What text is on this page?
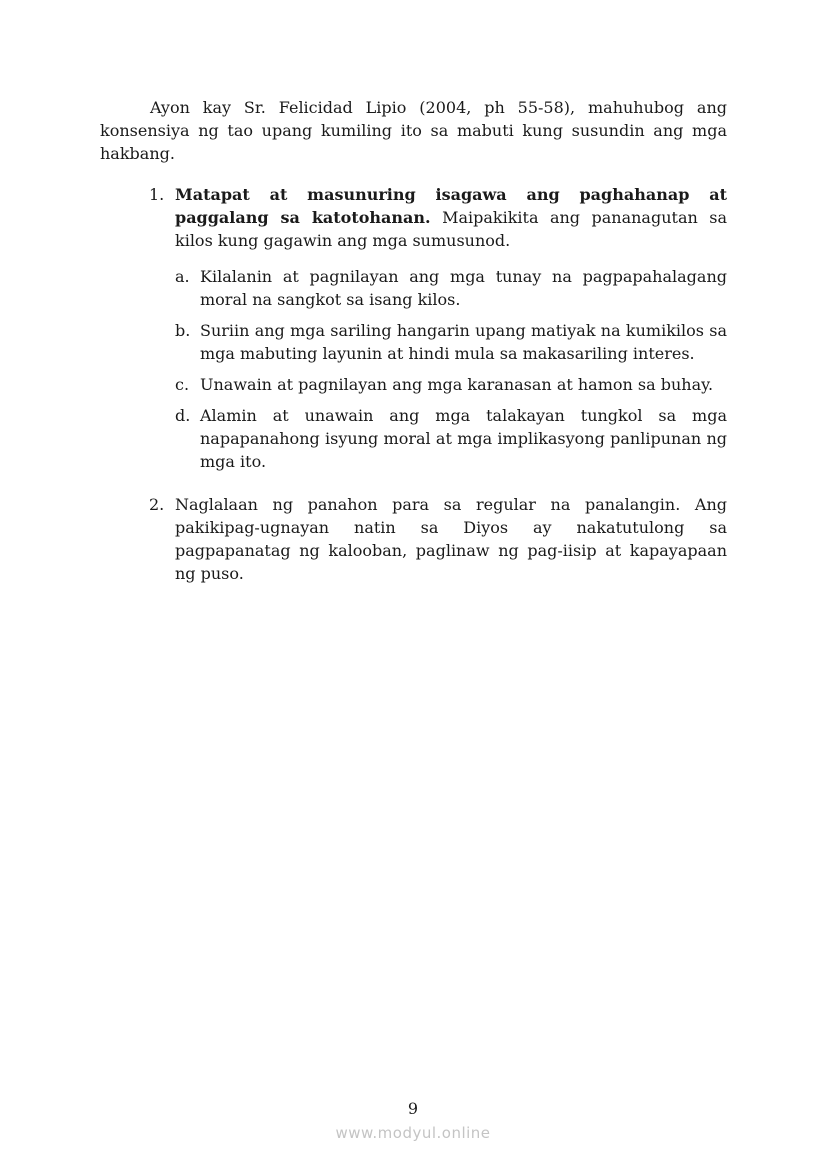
Ayon kay Sr. Felicidad Lipio (2004, ph 55-58), mahuhubog ang konsensiya ng tao upang kumiling ito sa mabuti kung susundin ang mga hakbang.

1. Matapat at masunuring isagawa ang paghahanap at paggalang sa katotohanan. Maipakikita ang pananagutan sa kilos kung gagawin ang mga sumusunod.
a. Kilalanin at pagnilayan ang mga tunay na pagpapahalagang moral na sangkot sa isang kilos.
b. Suriin ang mga sariling hangarin upang matiyak na kumikilos sa mga mabuting layunin at hindi mula sa makasariling interes.
c. Unawain at pagnilayan ang mga karanasan at hamon sa buhay.
d. Alamin at unawain ang mga talakayan tungkol sa mga napapanahong isyung moral at mga implikasyong panlipunan ng mga ito.
2. Naglalaan ng panahon para sa regular na panalangin. Ang pakikipag-ugnayan natin sa Diyos ay nakatutulong sa pagpapanatag ng kalooban, paglinaw ng pag-iisip at kapayapaan ng puso.
9
www.modyul.online
